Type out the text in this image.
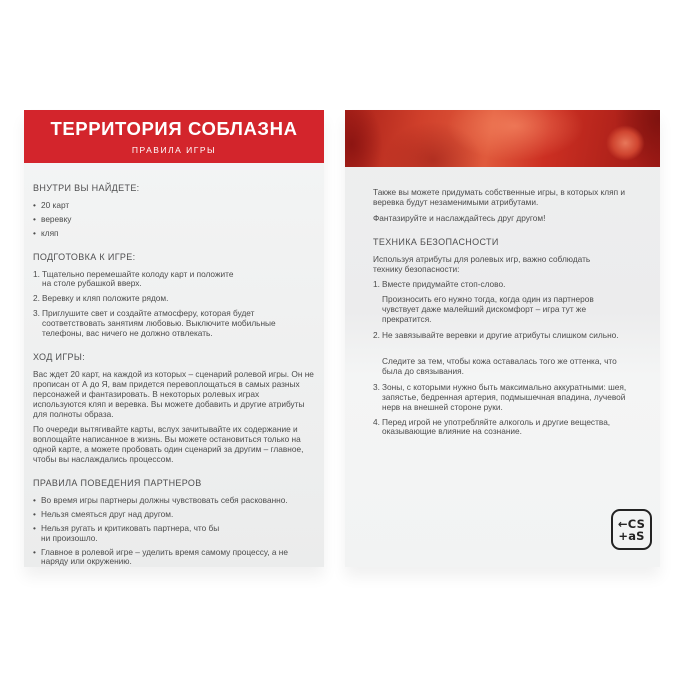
ТЕРРИТОРИЯ СОБЛАЗНА
ПРАВИЛА ИГРЫ
ВНУТРИ ВЫ НАЙДЕТЕ:
• 20 карт
• веревку
• кляп
ПОДГОТОВКА К ИГРЕ:
1. Тщательно перемешайте колоду карт и положите на столе рубашкой вверх.
2. Веревку и кляп положите рядом.
3. Приглушите свет и создайте атмосферу, которая будет соответствовать занятиям любовью. Выключите мобильные телефоны, вас ничего не должно отвлекать.
ХОД ИГРЫ:

Вас ждет 20 карт, на каждой из которых – сценарий ролевой игры. Он не прописан от А до Я, вам придется перевоплощаться в самых разных персонажей и фантазировать. В некоторых ролевых играх используются кляп и веревка. Вы можете добавить и другие атрибуты для полноты образа.

По очереди вытягивайте карты, вслух зачитывайте их содержание и воплощайте написанное в жизнь. Вы можете остановиться только на одной карте, а можете пробовать один сценарий за другим – главное, чтобы вы наслаждались процессом.

ПРАВИЛА ПОВЕДЕНИЯ ПАРТНЕРОВ
• Во время игры партнеры должны чувствовать себя раскованно.
• Нельзя смеяться друг над другом.
• Нельзя ругать и критиковать партнера, что бы ни произошло.
• Главное в ролевой игре – уделить время самому процессу, а не наряду или окружению.

Также вы можете придумать собственные игры, в которых кляп и веревка будут незаменимыми атрибутами.

Фантазируйте и наслаждайтесь друг другом!

ТЕХНИКА БЕЗОПАСНОСТИ

Используя атрибуты для ролевых игр, важно соблюдать технику безопасности:

1. Вместе придумайте стоп-слово.
Произносить его нужно тогда, когда один из партнеров чувствует даже малейший дискомфорт – игра тут же прекратится.
2. Не завязывайте веревки и другие атрибуты слишком сильно.
Следите за тем, чтобы кожа оставалась того же оттенка, что была до связывания.
3. Зоны, с которыми нужно быть максимально аккуратными: шея, запястье, бедренная артерия, подмышечная впадина, лучевой нерв на внешней стороне руки.
4. Перед игрой не употребляйте алкоголь и другие вещества, оказывающие влияние на сознание.
←CS
+aS
